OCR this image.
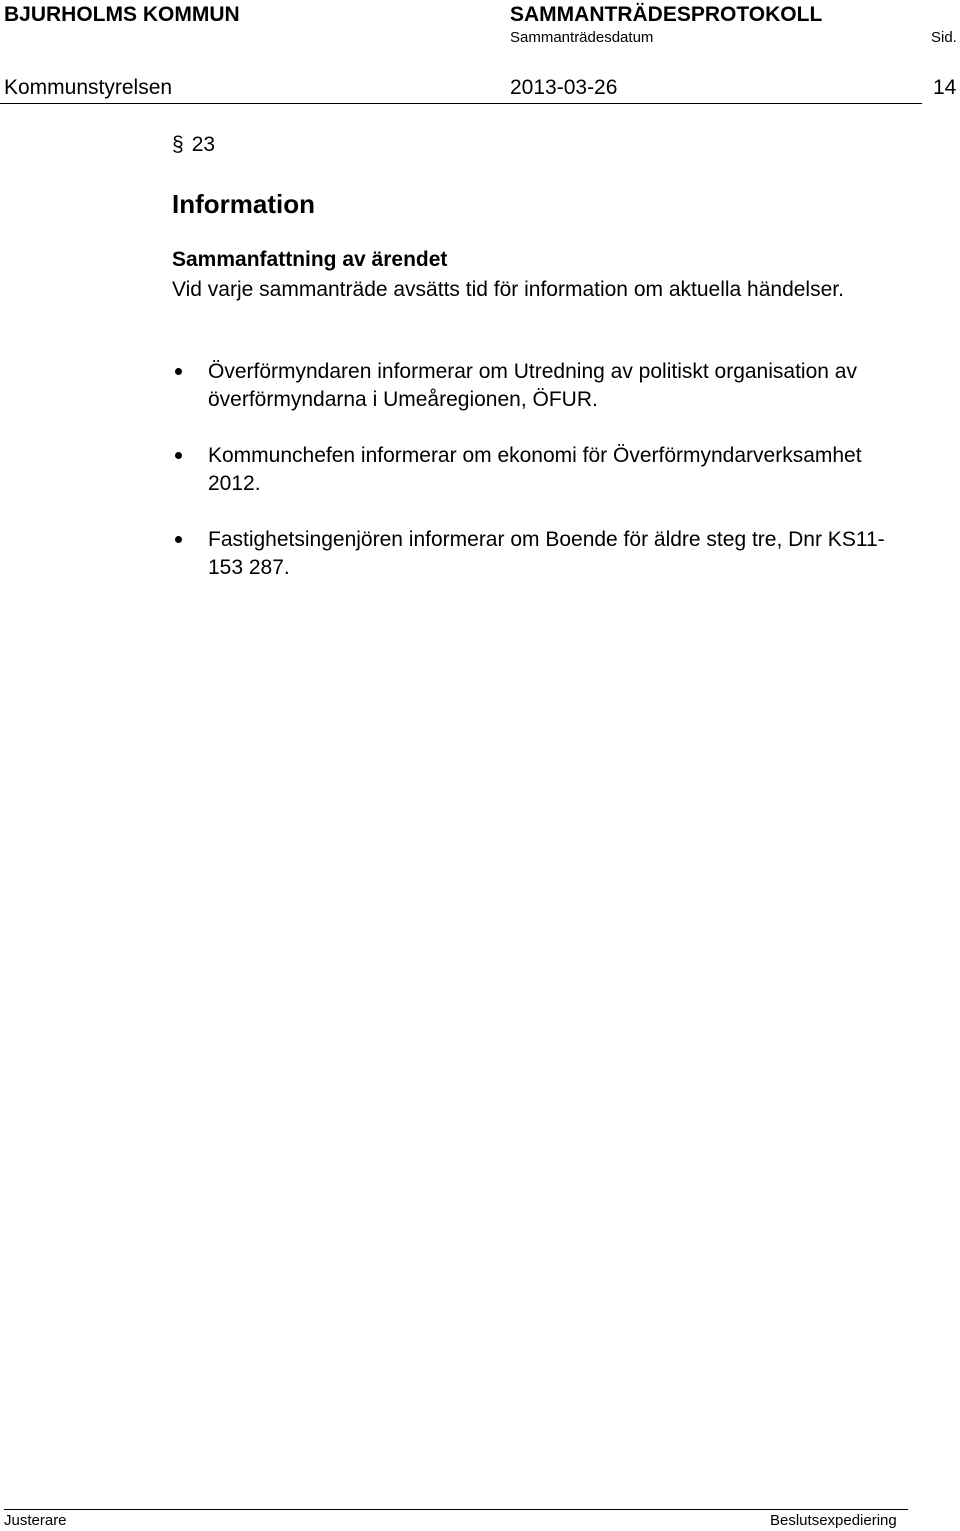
BJURHOLMS KOMMUN	SAMMANTRÄDESPROTOKOLL
Sammanträdesdatum	Sid.
Kommunstyrelsen	2013-03-26	14
§ 23
Information
Sammanfattning av ärendet
Vid varje sammanträde avsätts tid för information om aktuella händelser.
Överförmyndaren informerar om Utredning av politiskt organisation av överförmyndarna i Umeåregionen, ÖFUR.
Kommunchefen informerar om ekonomi för Överförmyndarverksamhet 2012.
Fastighetsingenjören informerar om Boende för äldre steg tre, Dnr KS11-153 287.
Justerare	Beslutsexpediering
